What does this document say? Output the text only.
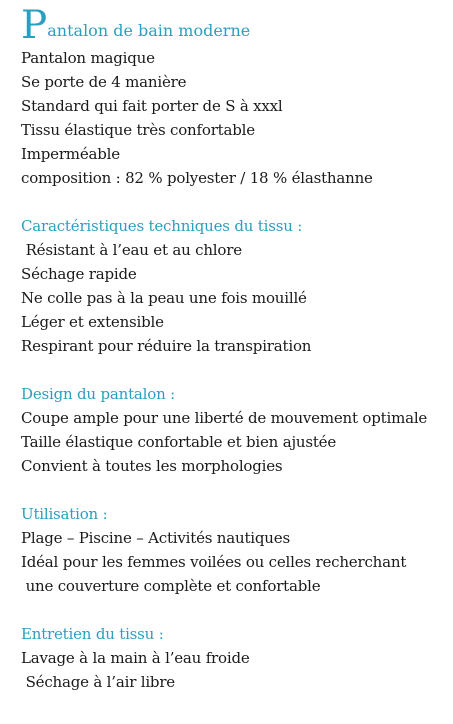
Pantalon de bain moderne
Pantalon magique
Se porte de 4 manière
Standard qui fait porter de S à xxxl
Tissu élastique très confortable
Imperméable
composition : 82 % polyester / 18 % élasthanne
Caractéristiques techniques du tissu :
Résistant à l’eau et au chlore
Séchage rapide
Ne colle pas à la peau une fois mouillé
Léger et extensible
Respirant pour réduire la transpiration
Design du pantalon :
Coupe ample pour une liberté de mouvement optimale
Taille élastique confortable et bien ajustée
Convient à toutes les morphologies
Utilisation :
Plage – Piscine – Activités nautiques
Idéal pour les femmes voilées ou celles recherchant
une couverture complète et confortable
Entretien du tissu :
Lavage à la main à l’eau froide
Séchage à l’air libre
